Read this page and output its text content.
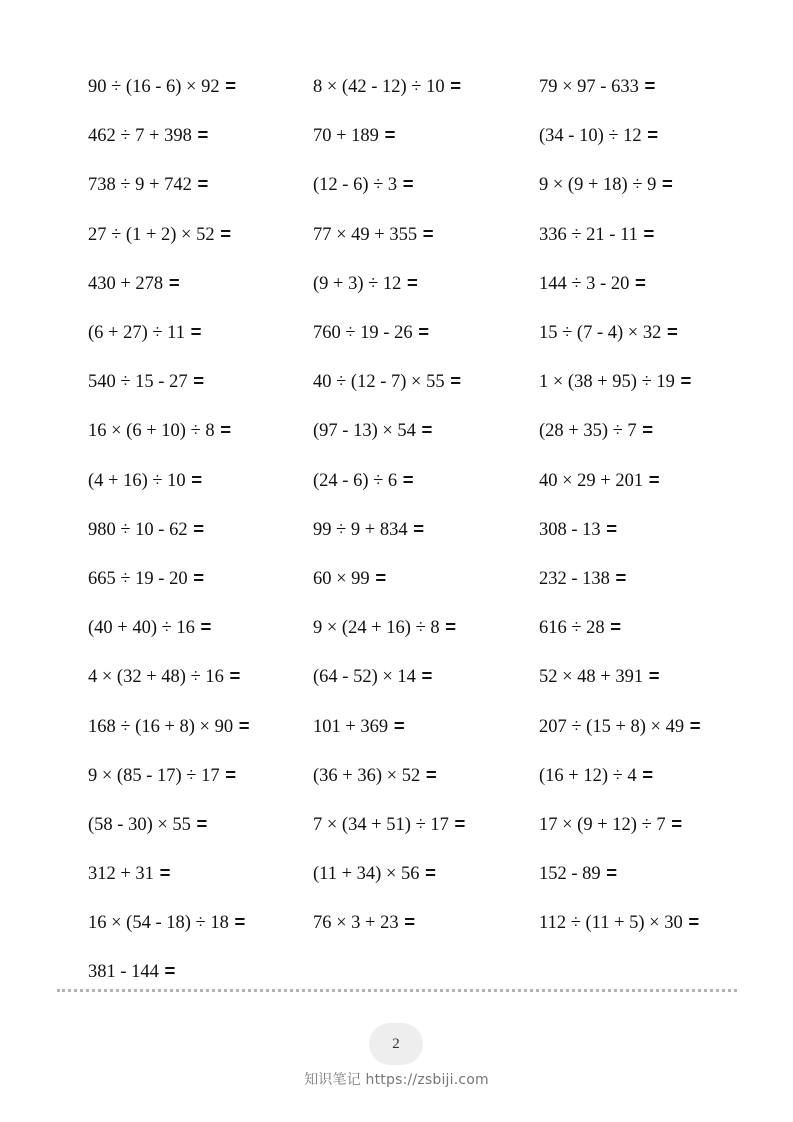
90 ÷ (16 - 6) × 92 =	8 × (42 - 12) ÷ 10 =	79 × 97 - 633 =
462 ÷ 7 + 398 =	70 + 189 =	(34 - 10) ÷ 12 =
738 ÷ 9 + 742 =	(12 - 6) ÷ 3 =	9 × (9 + 18) ÷ 9 =
27 ÷ (1 + 2) × 52 =	77 × 49 + 355 =	336 ÷ 21 - 11 =
430 + 278 =	(9 + 3) ÷ 12 =	144 ÷ 3 - 20 =
(6 + 27) ÷ 11 =	760 ÷ 19 - 26 =	15 ÷ (7 - 4) × 32 =
540 ÷ 15 - 27 =	40 ÷ (12 - 7) × 55 =	1 × (38 + 95) ÷ 19 =
16 × (6 + 10) ÷ 8 =	(97 - 13) × 54 =	(28 + 35) ÷ 7 =
(4 + 16) ÷ 10 =	(24 - 6) ÷ 6 =	40 × 29 + 201 =
980 ÷ 10 - 62 =	99 ÷ 9 + 834 =	308 - 13 =
665 ÷ 19 - 20 =	60 × 99 =	232 - 138 =
(40 + 40) ÷ 16 =	9 × (24 + 16) ÷ 8 =	616 ÷ 28 =
4 × (32 + 48) ÷ 16 =	(64 - 52) × 14 =	52 × 48 + 391 =
168 ÷ (16 + 8) × 90 =	101 + 369 =	207 ÷ (15 + 8) × 49 =
9 × (85 - 17) ÷ 17 =	(36 + 36) × 52 =	(16 + 12) ÷ 4 =
(58 - 30) × 55 =	7 × (34 + 51) ÷ 17 =	17 × (9 + 12) ÷ 7 =
312 + 31 =	(11 + 34) × 56 =	152 - 89 =
16 × (54 - 18) ÷ 18 =	76 × 3 + 23 =	112 ÷ (11 + 5) × 30 =
381 - 144 =
2
知识笔记 https://zsbiji.com
